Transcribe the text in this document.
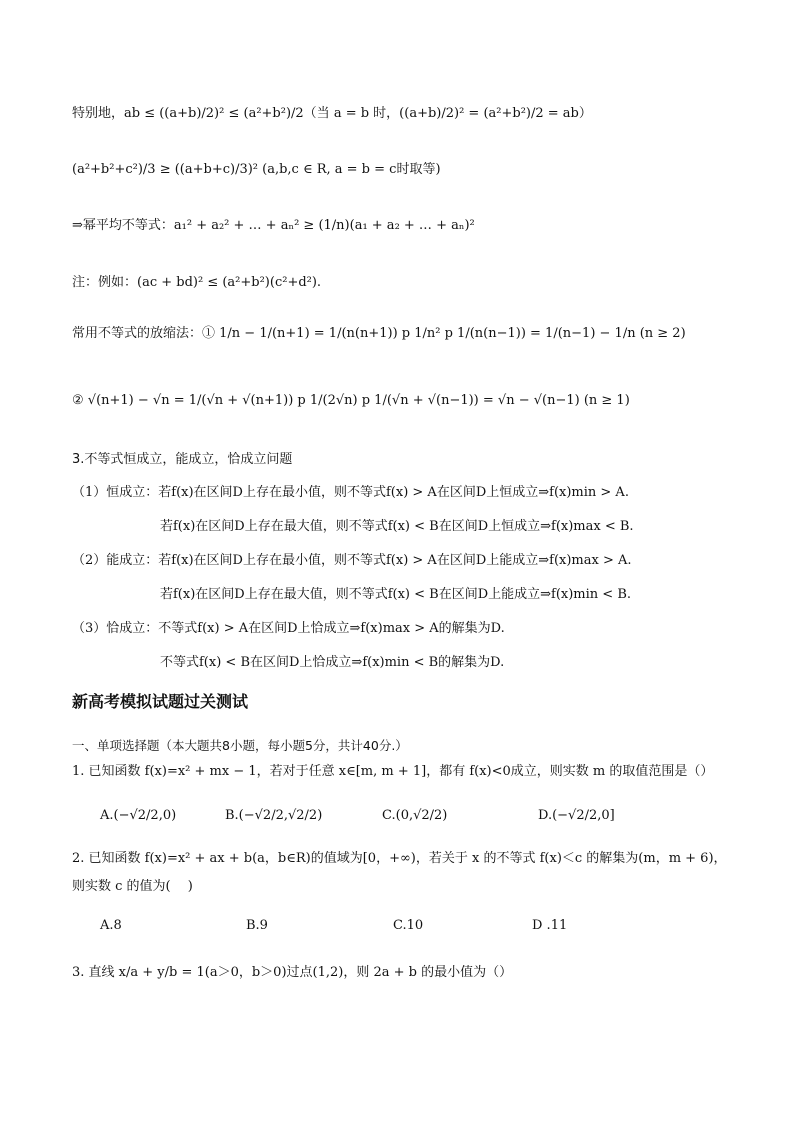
特别地，ab ≤ ((a+b)/2)² ≤ (a²+b²)/2（当 a = b 时，((a+b)/2)² = (a²+b²)/2 = ab）
(a²+b²+c²)/3 ≥ ((a+b+c)/3)² (a,b,c ∈ R, a = b = c时取等)
⇒幂平均不等式：a₁² + a₂² + … + aₙ² ≥ (1/n)(a₁ + a₂ + … + aₙ)²
注：例如：(ac + bd)² ≤ (a²+b²)(c²+d²).
常用不等式的放缩法：① 1/n − 1/(n+1) = 1/(n(n+1)) p 1/n² p 1/(n(n−1)) = 1/(n−1) − 1/n (n ≥ 2)
② √(n+1) − √n = 1/(√n + √(n+1)) p 1/(2√n) p 1/(√n + √(n−1)) = √n − √(n−1) (n ≥ 1)
3.不等式恒成立，能成立，恰成立问题
（1）恒成立：若f(x)在区间D上存在最小值，则不等式f(x) > A在区间D上恒成立⇒f(x)min > A.
若f(x)在区间D上存在最大值，则不等式f(x) < B在区间D上恒成立⇒f(x)max < B.
（2）能成立：若f(x)在区间D上存在最小值，则不等式f(x) > A在区间D上能成立⇒f(x)max > A.
若f(x)在区间D上存在最大值，则不等式f(x) < B在区间D上能成立⇒f(x)min < B.
（3）恰成立：不等式f(x) > A在区间D上恰成立⇒f(x)max > A的解集为D.
不等式f(x) < B在区间D上恰成立⇒f(x)min < B的解集为D.
新高考模拟试题过关测试
一、单项选择题（本大题共8小题，每小题5分，共计40分.）
1. 已知函数 f(x)=x² + mx − 1，若对于任意 x∈[m, m + 1]，都有 f(x)<0成立，则实数 m 的取值范围是（）
A.(−√2/2,0)	B.(−√2/2,√2/2)	C.(0,√2/2)	D.(−√2/2,0]
2. 已知函数 f(x)=x² + ax + b(a，b∈R)的值域为[0，+∞)，若关于 x 的不等式 f(x)＜c 的解集为(m，m + 6)，
则实数 c 的值为(　 )
A.8	B.9	C.10	D .11
3. 直线 x/a + y/b = 1(a＞0，b＞0)过点(1,2)，则 2a + b 的最小值为（）
